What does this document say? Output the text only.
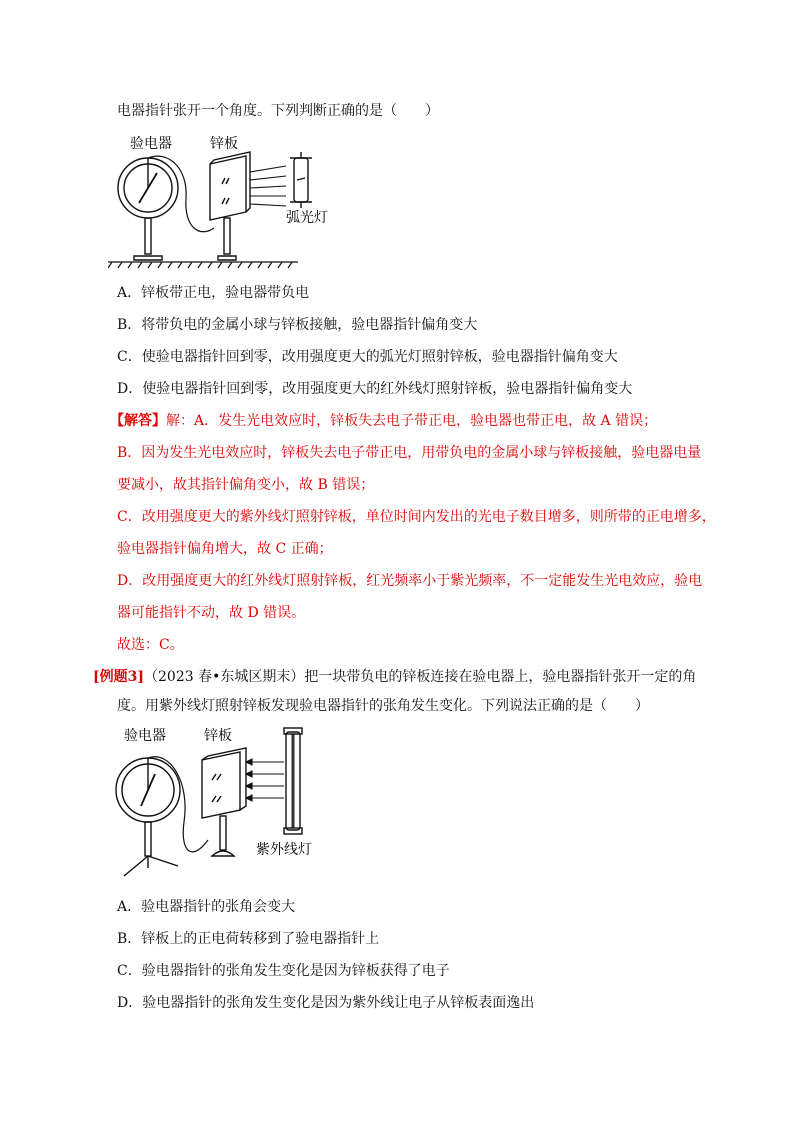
电器指针张开一个角度。下列判断正确的是（　　）
验电器	锌板
弧光灯
A．锌板带正电，验电器带负电
B．将带负电的金属小球与锌板接触，验电器指针偏角变大
C．使验电器指针回到零，改用强度更大的弧光灯照射锌板，验电器指针偏角变大
D．使验电器指针回到零，改用强度更大的红外线灯照射锌板，验电器指针偏角变大
【解答】解：A．发生光电效应时，锌板失去电子带正电，验电器也带正电，故 A 错误；
B．因为发生光电效应时，锌板失去电子带正电，用带负电的金属小球与锌板接触，验电器电量
要减小，故其指针偏角变小，故 B 错误；
C．改用强度更大的紫外线灯照射锌板，单位时间内发出的光电子数目增多，则所带的正电增多，
验电器指针偏角增大，故 C 正确；
D．改用强度更大的红外线灯照射锌板，红光频率小于紫光频率，不一定能发生光电效应，验电
器可能指针不动，故 D 错误。
故选：C。
[例题3]（2023 春•东城区期末）把一块带负电的锌板连接在验电器上，验电器指针张开一定的角
度。用紫外线灯照射锌板发现验电器指针的张角发生变化。下列说法正确的是（　　）
验电器	锌板
紫外线灯
A．验电器指针的张角会变大
B．锌板上的正电荷转移到了验电器指针上
C．验电器指针的张角发生变化是因为锌板获得了电子
D．验电器指针的张角发生变化是因为紫外线让电子从锌板表面逸出
